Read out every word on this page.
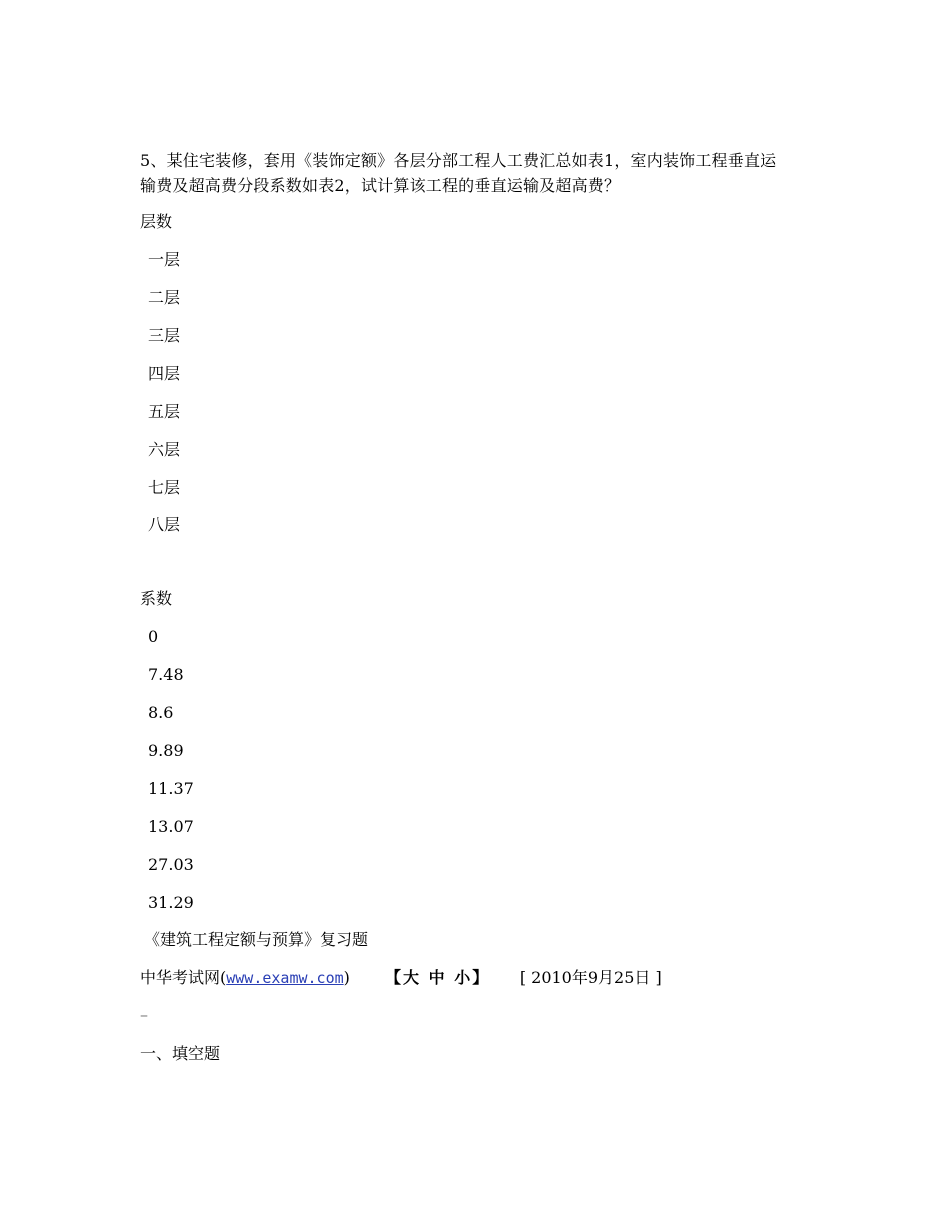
5、某住宅装修，套用《装饰定额》各层分部工程人工费汇总如表1，室内装饰工程垂直运
输费及超高费分段系数如表2，试计算该工程的垂直运输及超高费？
层数
一层
二层
三层
四层
五层
六层
七层
八层
系数
0
7.48
8.6
9.89
11.37
13.07
27.03
31.29
《建筑工程定额与预算》复习题
中华考试网(www.examw.com) 【大 中 小】 [ 2010年9月25日 ]
–
一、填空题
